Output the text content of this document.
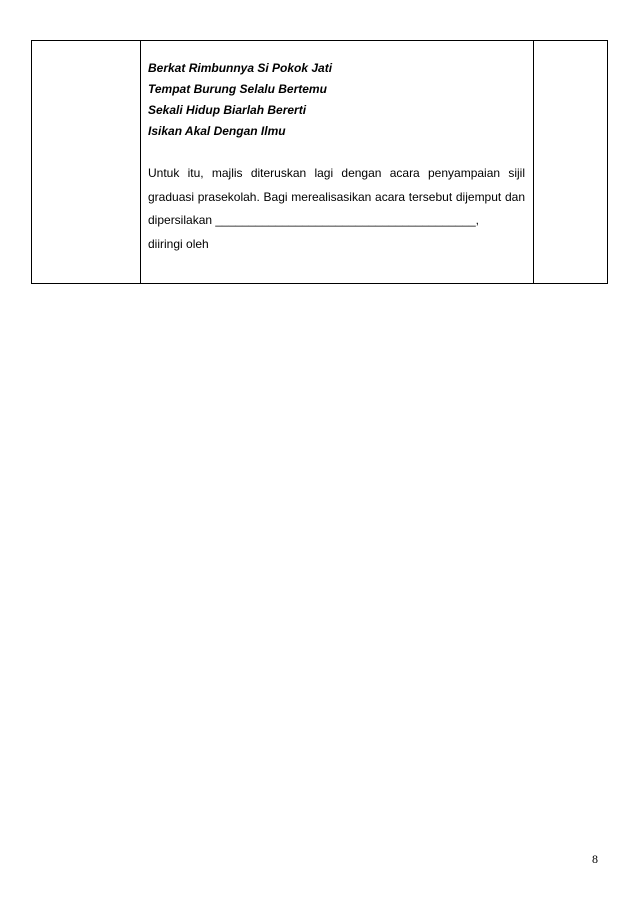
Berkat Rimbunnya Si Pokok Jati
Tempat Burung Selalu Bertemu
Sekali Hidup Biarlah Bererti
Isikan Akal Dengan Ilmu
Untuk itu, majlis diteruskan lagi dengan acara penyampaian sijil graduasi prasekolah. Bagi merealisasikan acara tersebut dijemput dan dipersilakan _______________________________________,
diiringi oleh

8
